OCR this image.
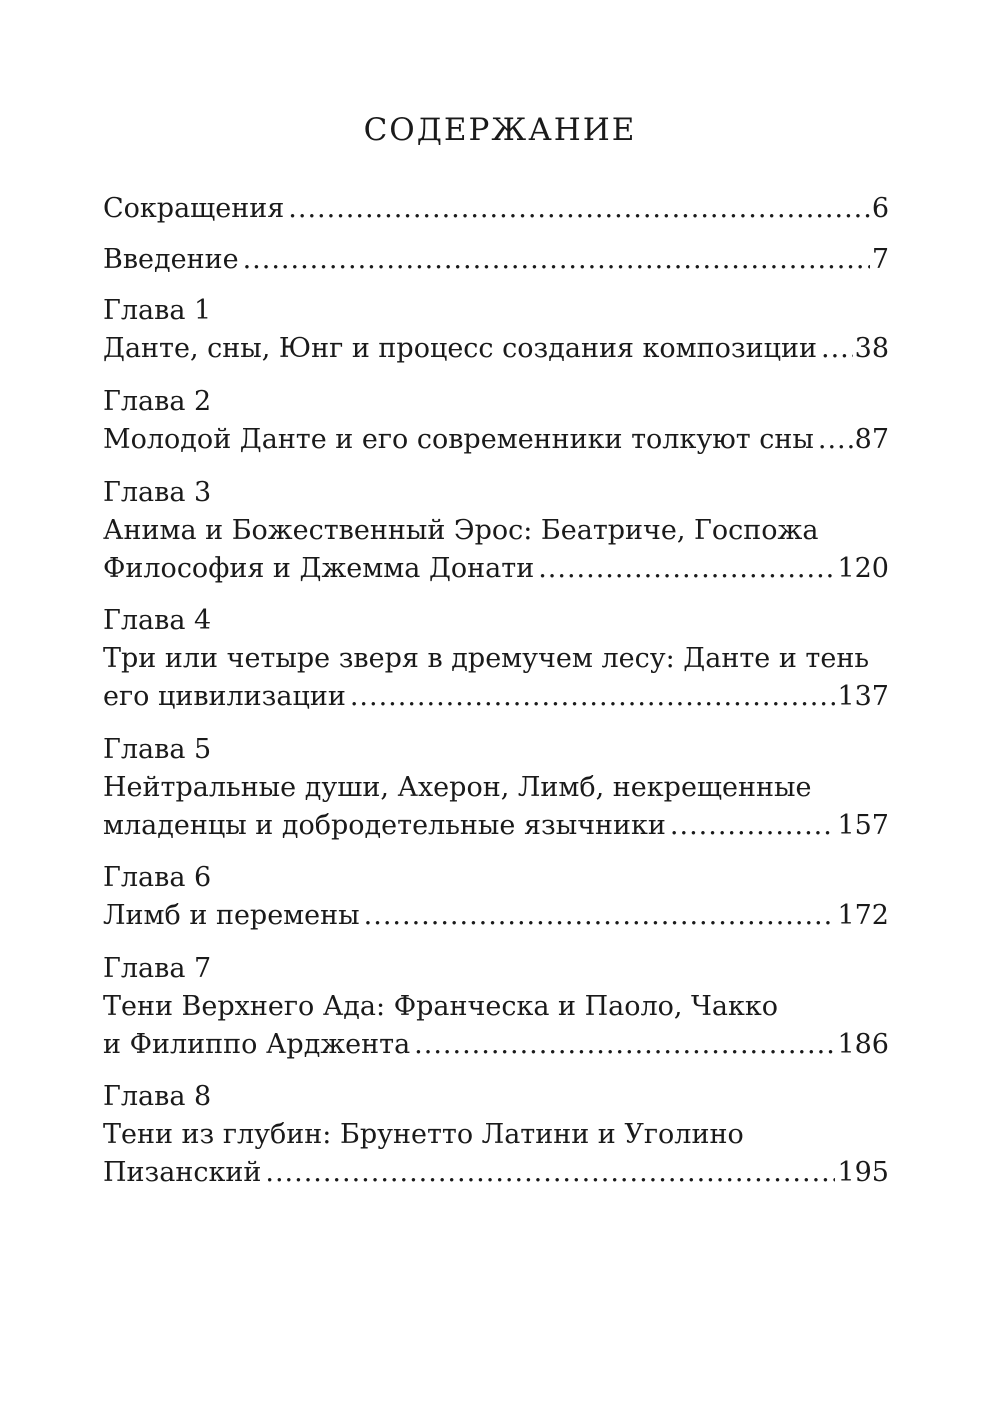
СОДЕРЖАНИЕ
Сокращения .....	6
Введение .....	7
Глава 1
Данте, сны, Юнг и процесс создания композиции ..... 38
Глава 2
Молодой Данте и его современники толкуют сны ..... 87
Глава 3
Анима и Божественный Эрос: Беатриче, Госпожа
Философия и Джемма Донати .....	120
Глава 4
Три или четыре зверя в дремучем лесу: Данте и тень
его цивилизации .....	137
Глава 5
Нейтральные души, Ахерон, Лимб, некрещенные
младенцы и добродетельные язычники .....	157
Глава 6
Лимб и перемены .....	172
Глава 7
Тени Верхнего Ада: Франческа и Паоло, Чакко
и Филиппо Арджента .....	186
Глава 8
Тени из глубин: Брунетто Латини и Уголино
Пизанский .....	195
